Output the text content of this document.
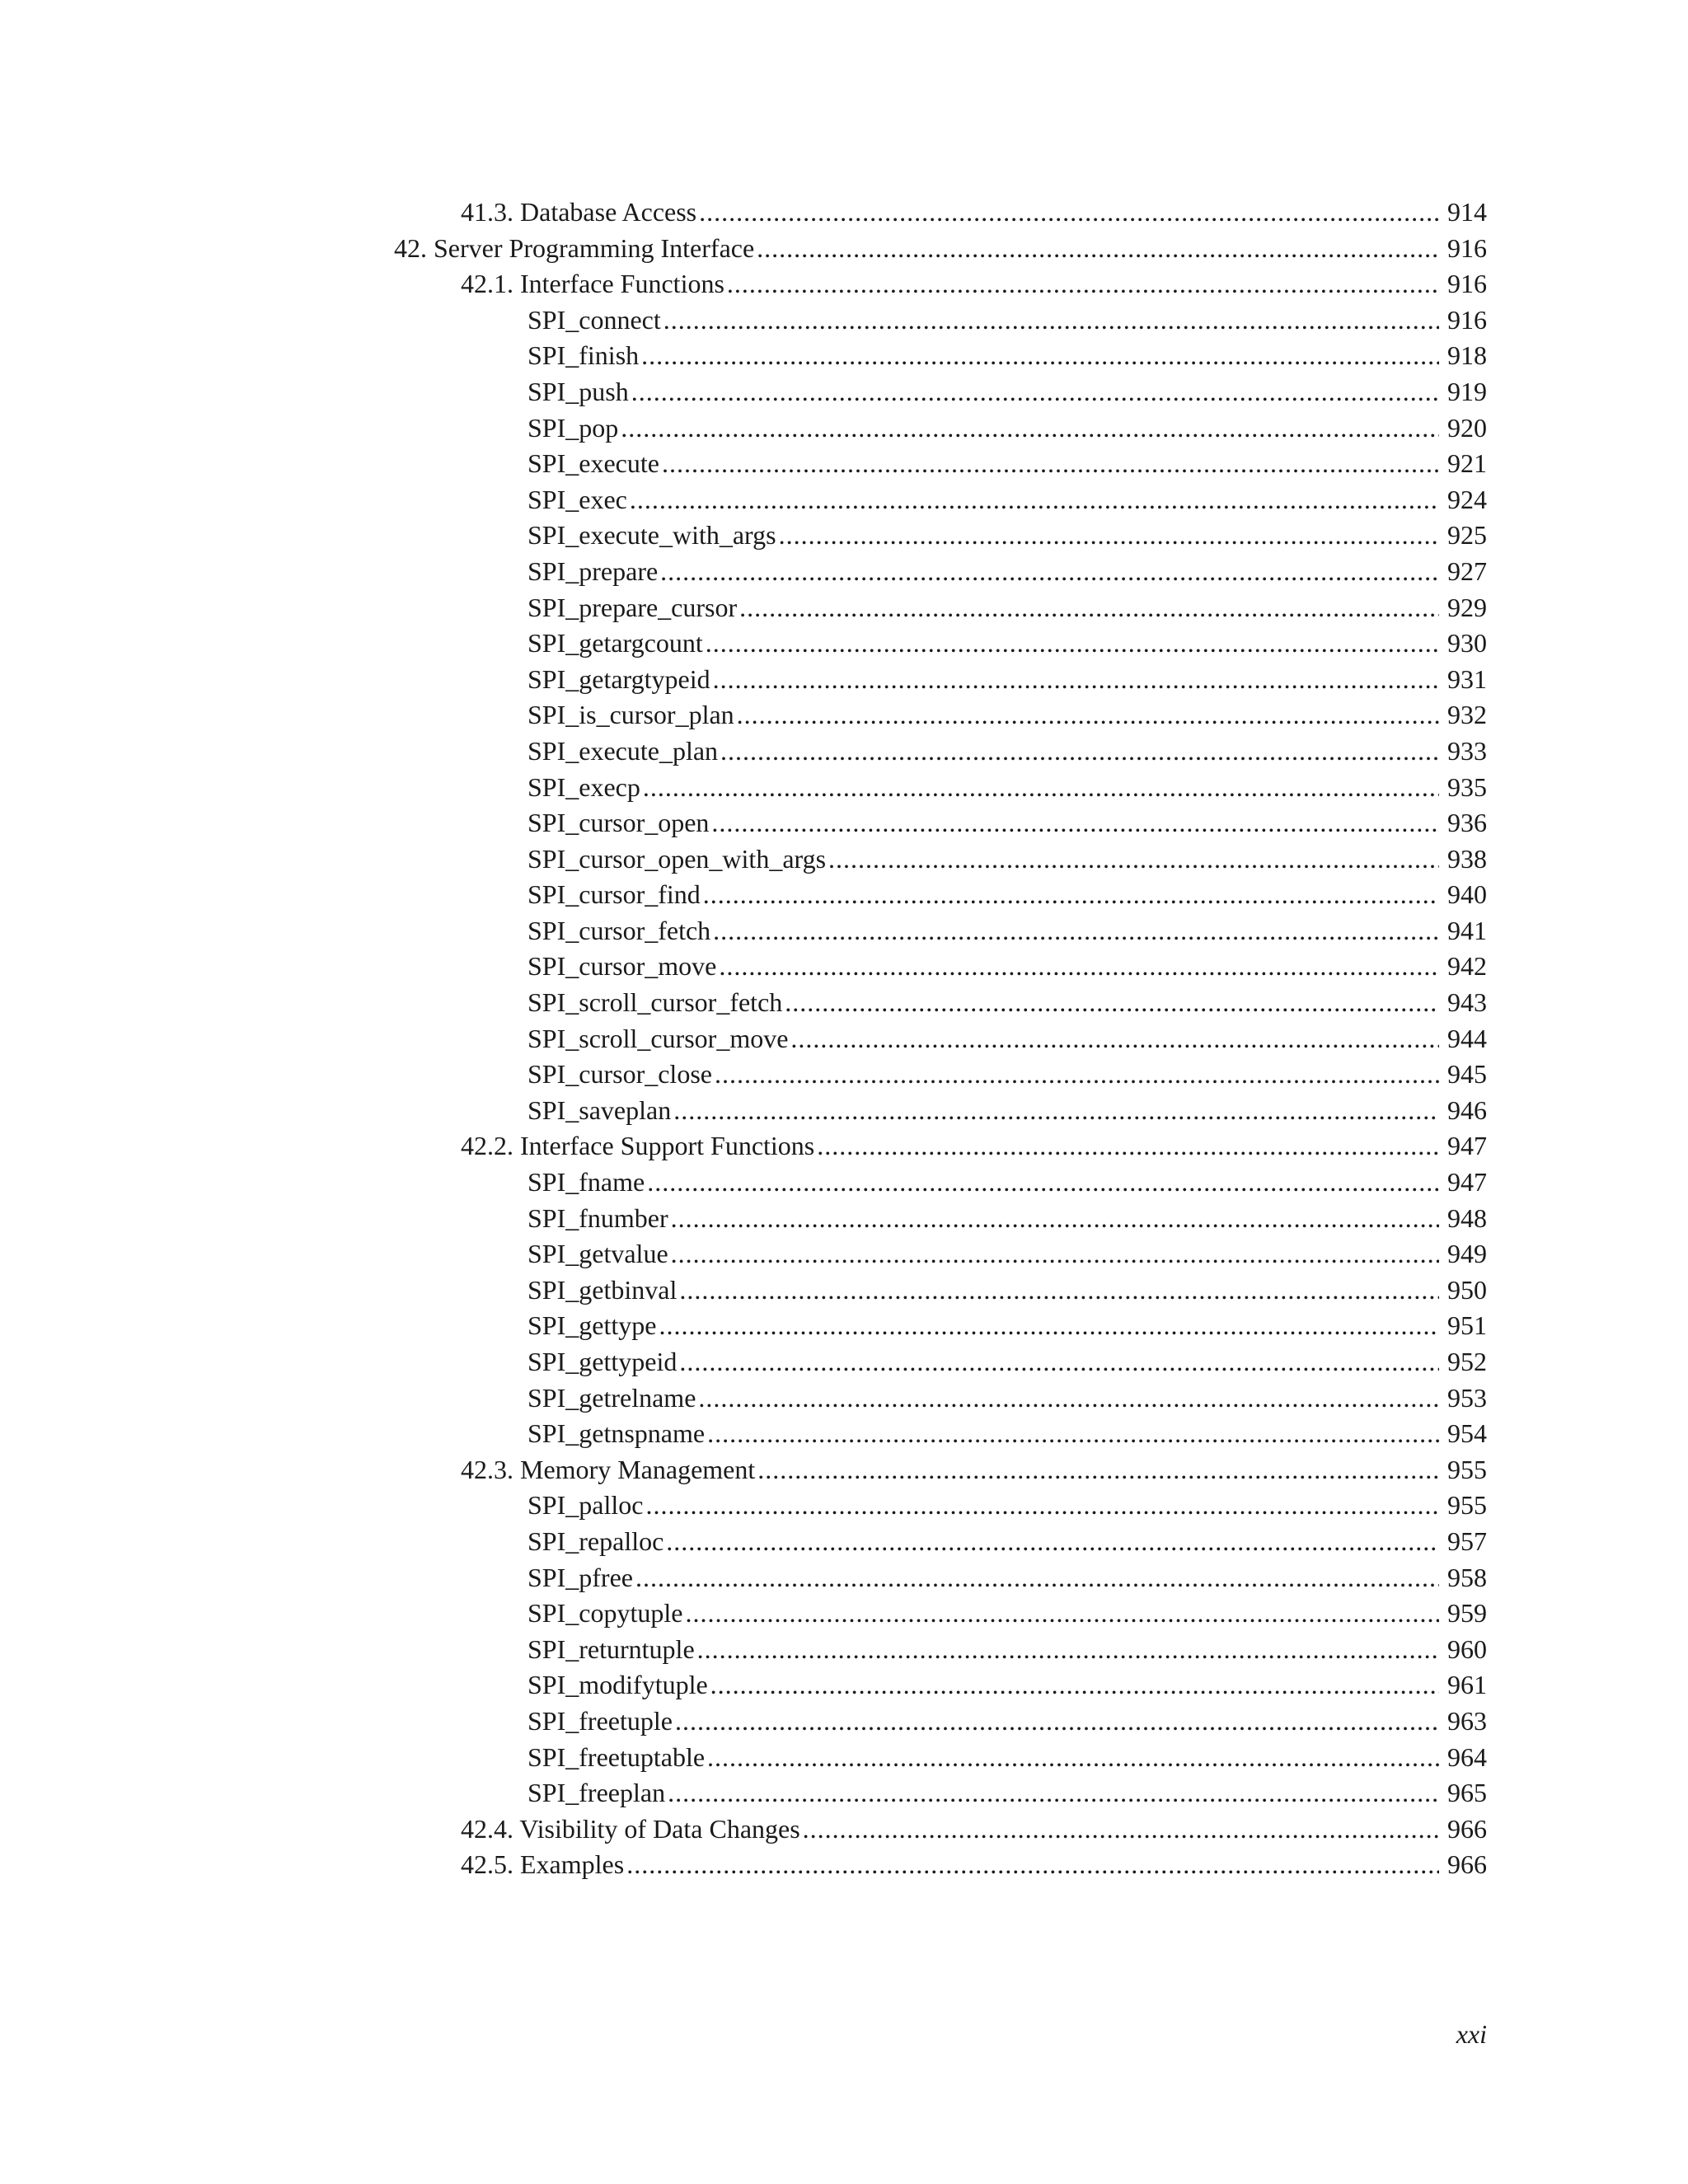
41.3. Database Access .....	914
42. Server Programming Interface .....	916
42.1. Interface Functions .....	916
SPI_connect .....	916
SPI_finish .....	918
SPI_push .....	919
SPI_pop .....	920
SPI_execute .....	921
SPI_exec .....	924
SPI_execute_with_args .....	925
SPI_prepare .....	927
SPI_prepare_cursor .....	929
SPI_getargcount .....	930
SPI_getargtypeid .....	931
SPI_is_cursor_plan .....	932
SPI_execute_plan .....	933
SPI_execp .....	935
SPI_cursor_open .....	936
SPI_cursor_open_with_args .....	938
SPI_cursor_find .....	940
SPI_cursor_fetch .....	941
SPI_cursor_move .....	942
SPI_scroll_cursor_fetch .....	943
SPI_scroll_cursor_move .....	944
SPI_cursor_close .....	945
SPI_saveplan .....	946
42.2. Interface Support Functions .....	947
SPI_fname .....	947
SPI_fnumber .....	948
SPI_getvalue .....	949
SPI_getbinval .....	950
SPI_gettype .....	951
SPI_gettypeid .....	952
SPI_getrelname .....	953
SPI_getnspname .....	954
42.3. Memory Management .....	955
SPI_palloc .....	955
SPI_repalloc .....	957
SPI_pfree .....	958
SPI_copytuple .....	959
SPI_returntuple .....	960
SPI_modifytuple .....	961
SPI_freetuple .....	963
SPI_freetuptable .....	964
SPI_freeplan .....	965
42.4. Visibility of Data Changes .....	966
42.5. Examples .....	966
xxi
